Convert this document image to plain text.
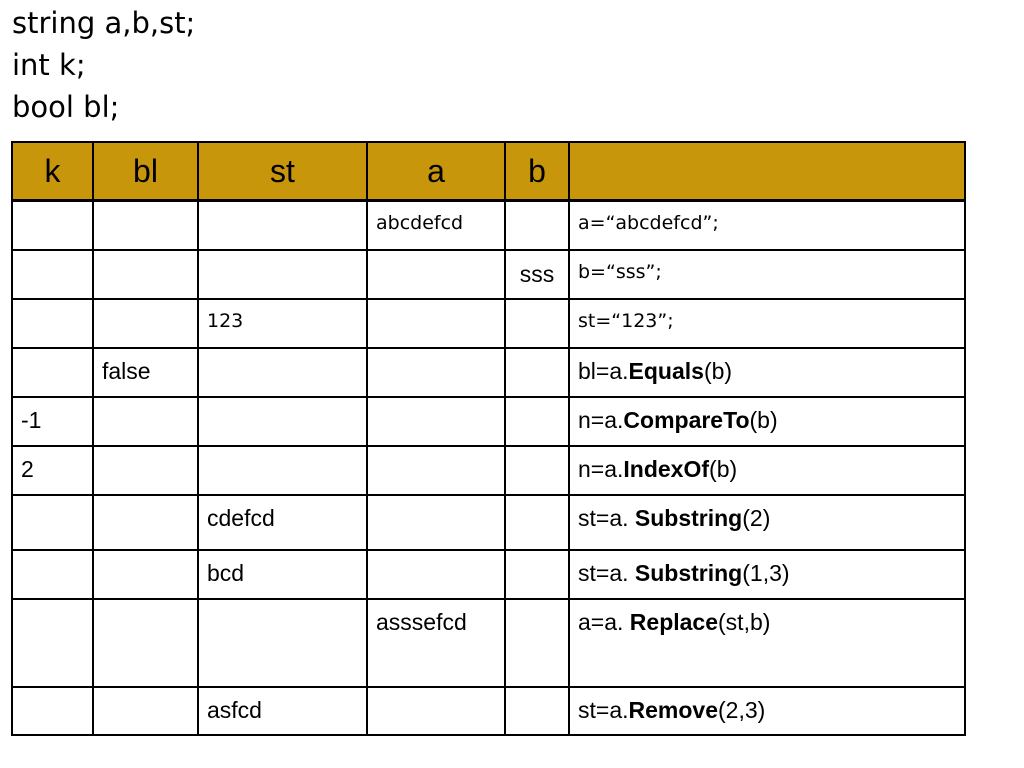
string a,b,st;
int k;
bool bl;
k	bl	st	a	b	
			abcdefcd		a=“abcdefcd”;
				sss	b=“sss”;
		123			st=“123”;
	false				bl=a.Equals(b)
-1					n=a.CompareTo(b)
2					n=a.IndexOf(b)
		cdefcd			st=a. Substring(2)
		bcd			st=a. Substring(1,3)
			asssefcd		a=a. Replace(st,b)
		asfcd			st=a.Remove(2,3)
